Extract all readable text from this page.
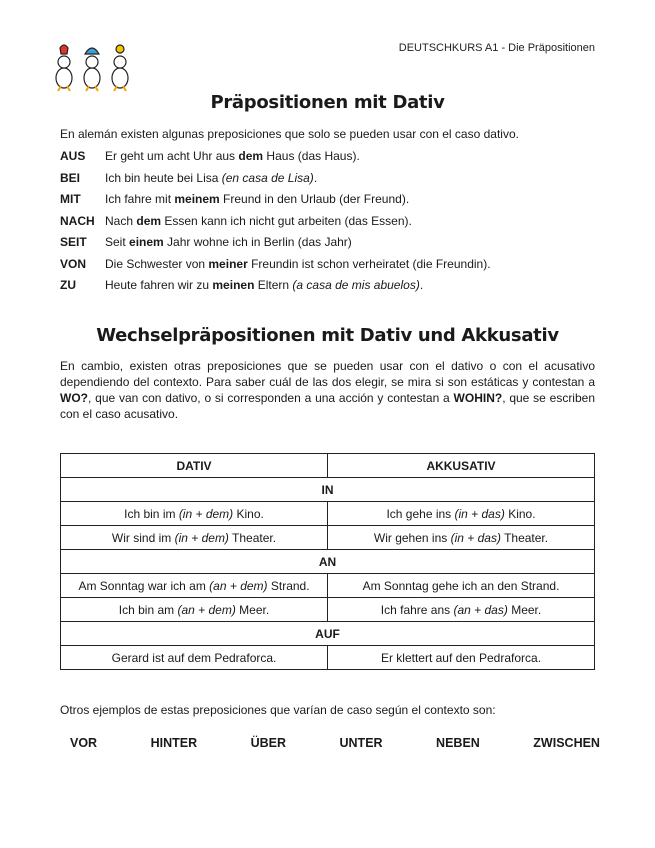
DEUTSCHKURS A1 - Die Präpositionen
Präpositionen mit Dativ
En alemán existen algunas preposiciones que solo se pueden usar con el caso dativo.
AUS	Er geht um acht Uhr aus dem Haus (das Haus).
BEI	Ich bin heute bei Lisa (en casa de Lisa).
MIT	Ich fahre mit meinem Freund in den Urlaub (der Freund).
NACH Nach dem Essen kann ich nicht gut arbeiten (das Essen).
SEIT	Seit einem Jahr wohne ich in Berlin (das Jahr)
VON	Die Schwester von meiner Freundin ist schon verheiratet (die Freundin).
ZU	Heute fahren wir zu meinen Eltern (a casa de mis abuelos).
Wechselpräpositionen mit Dativ und Akkusativ
En cambio, existen otras preposiciones que se pueden usar con el dativo o con el acusativo dependiendo del contexto. Para saber cuál de las dos elegir, se mira si son estáticas y contestan a WO?, que van con dativo, o si corresponden a una acción y contestan a WOHIN?, que se escriben con el caso acusativo.
DATIV	AKKUSATIV
IN	
Ich bin im (in + dem) Kino.	Ich gehe ins (in + das) Kino.
Wir sind im (in + dem) Theater.	Wir gehen ins (in + das) Theater.
AN	
Am Sonntag war ich am (an + dem) Strand.	Am Sonntag gehe ich an den Strand.
Ich bin am (an + dem) Meer.	Ich fahre ans (an + das) Meer.
AUF	
Gerard ist auf dem Pedraforca.	Er klettert auf den Pedraforca.
Otros ejemplos de estas preposiciones que varían de caso según el contexto son:
VOR	HINTER	ÜBER	UNTER	NEBEN	ZWISCHEN
